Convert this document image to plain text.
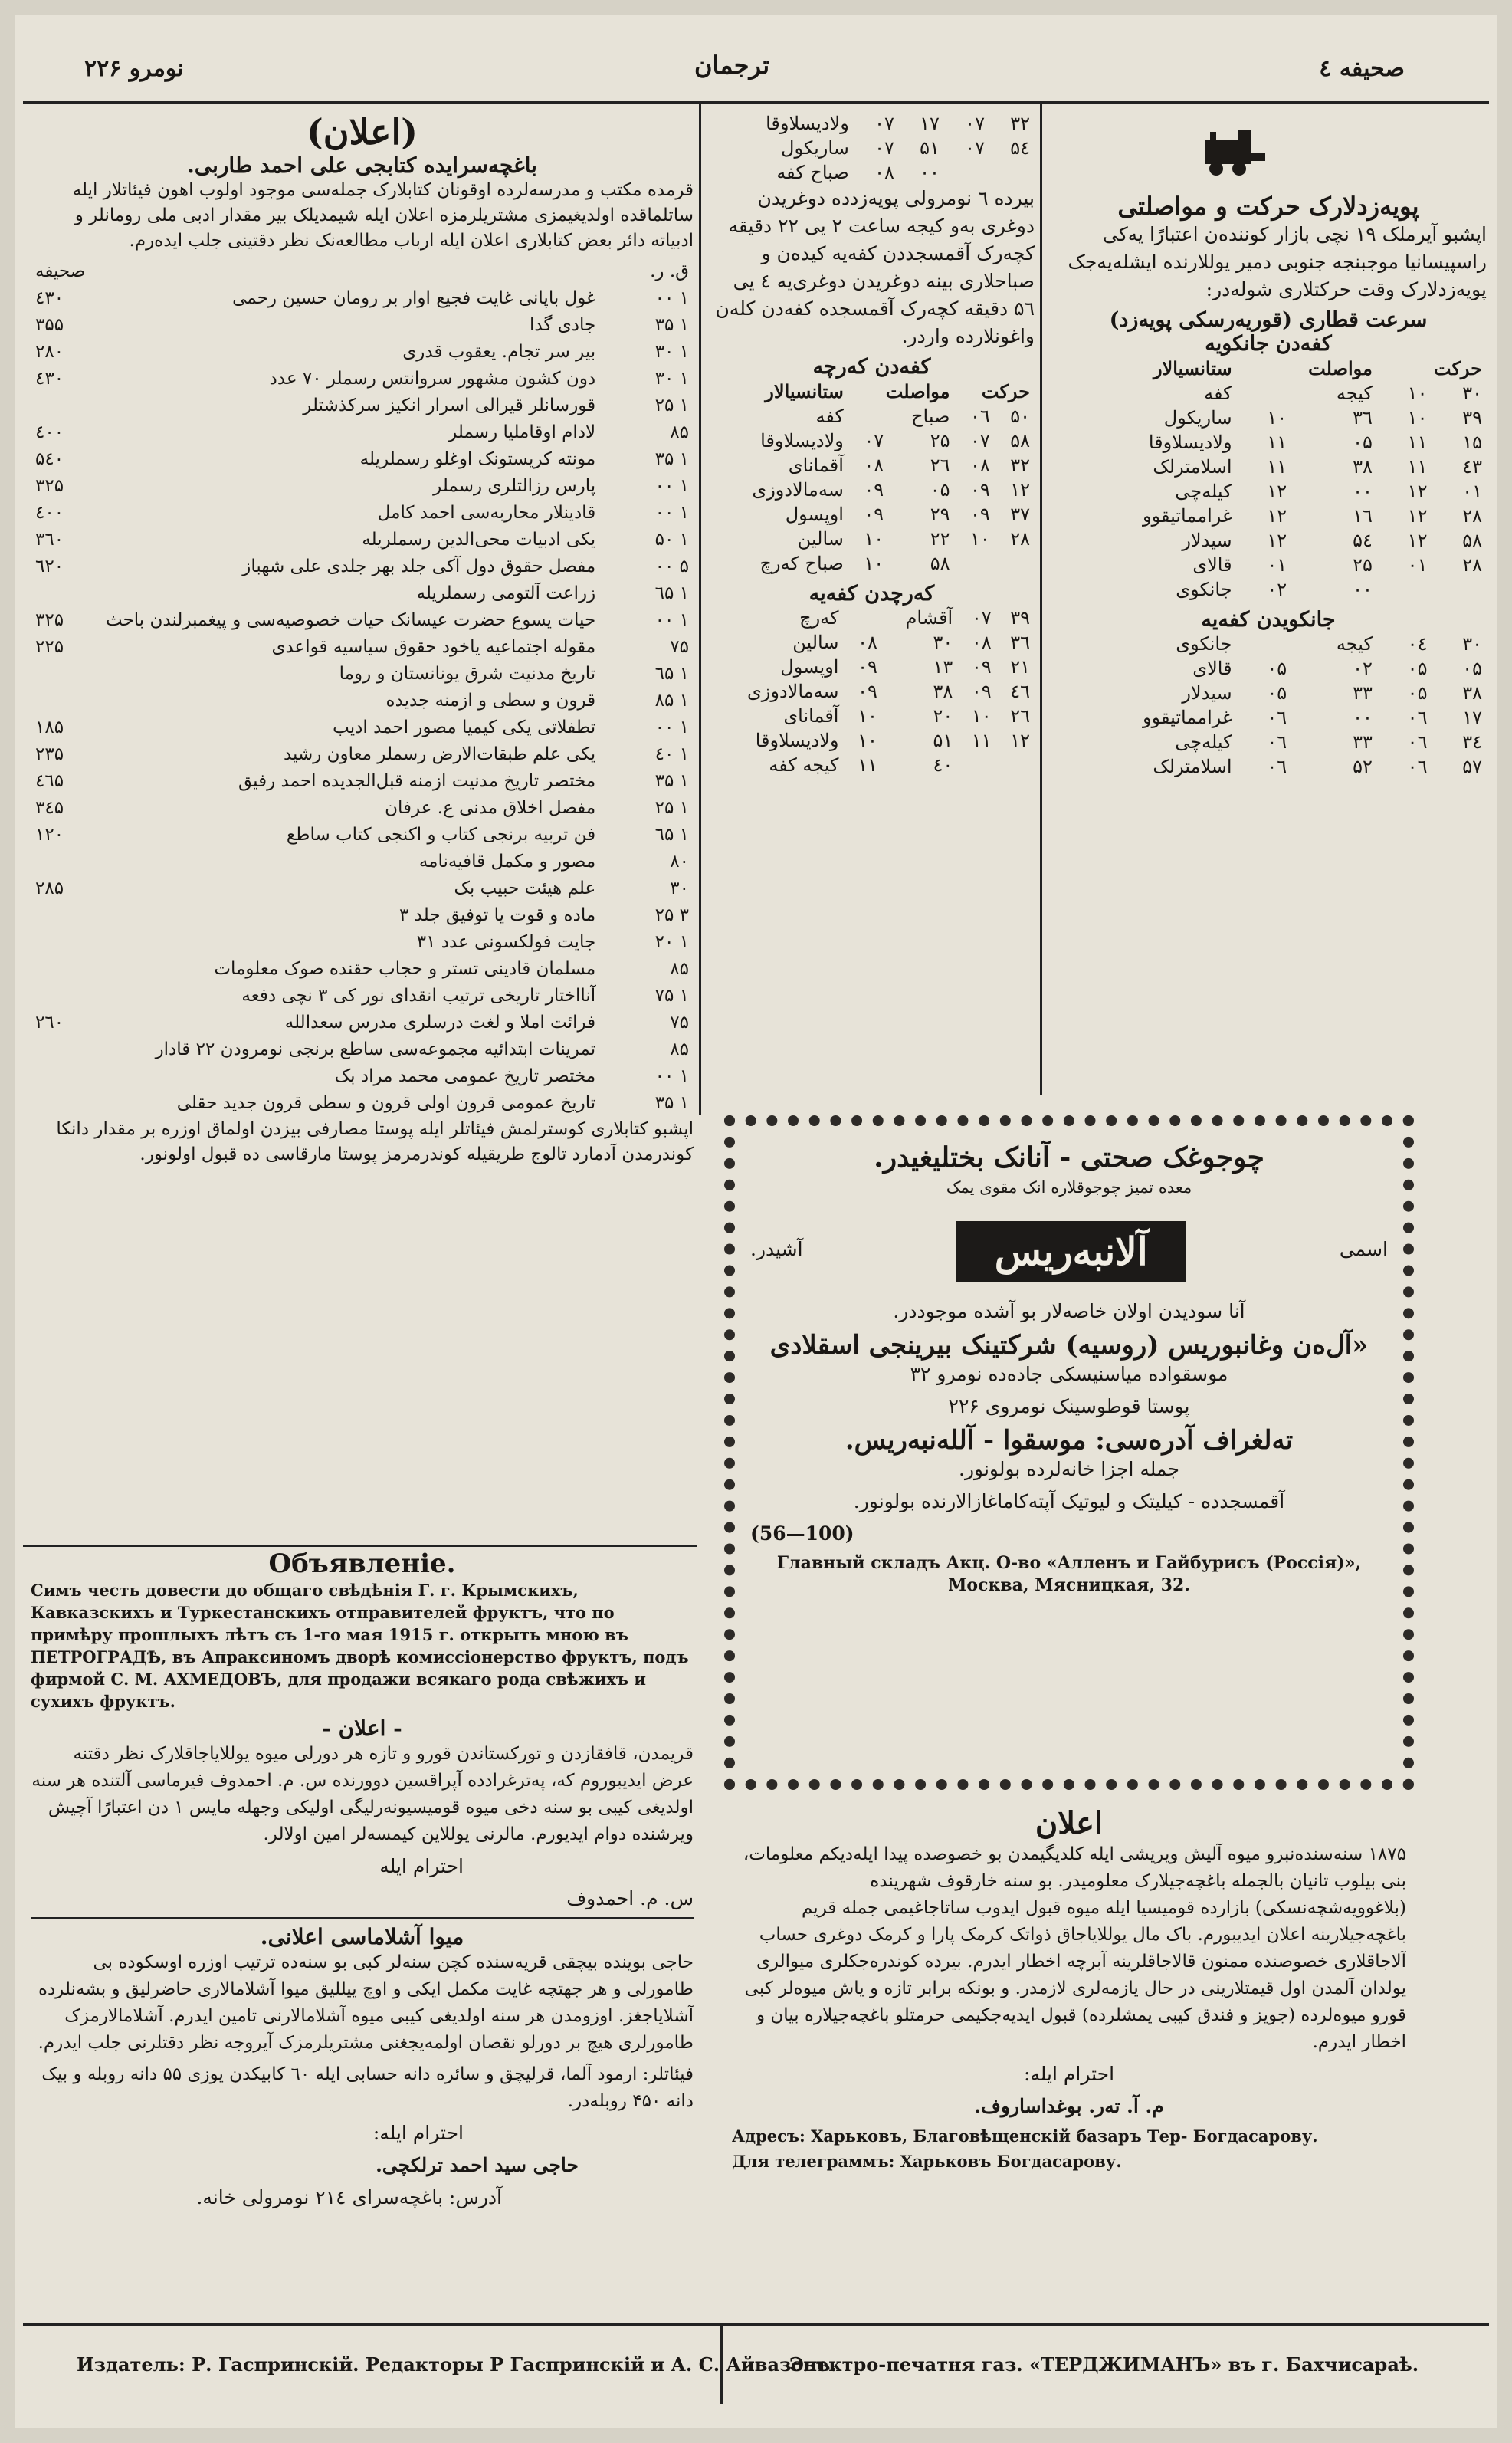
نومرو ۲۲۶	ترجمان	صحیفه ٤
پویەزدلارک حرکت و مواصلتی

اپشبو آیرملک ۱۹ نچی بازار کونندەن اعتبارًا یەکی راسپیسانیا موجبنجه جنوبی دمیر یوللارندە ایشلەیەجک پویەزدلارک وقت حرکتلاری شولەدر:

سرعت قطاری (قوریه‌رسکی پویه‌زد)
کفه‌دن جانکویه
حرکت		مواصلت		ستانسیالار
۳۰	۱۰	کیجه		کفه
۳۹	۱۰	۳٦	۱۰	ساریکول
۱۵	۱۱	۰۵	۱۱	ولادیسلاوقا
٤۳	۱۱	۳۸	۱۱	اسلامترلک
۰۱	۱۲	۰۰	۱۲	کیله‌چی
۲۸	۱۲	۱٦	۱۲	غرامماتیقوو
۵۸	۱۲	۵٤	۱۲	سیدلار
۲۸	۰۱	۲۵	۰۱	قالای
		۰۰	۰۲	جانکوی
جانکویدن کفه‌یه
۳۰	۰٤	کیجه		جانکوی
۰۵	۰۵	۰۲	۰۵	قالای
۳۸	۰۵	۳۳	۰۵	سیدلار
۱۷	۰٦	۰۰	۰٦	غرامماتیقوو
۳٤	۰٦	۳۳	۰٦	کیله‌چی
۵۷	۰٦	۵۲	۰٦	اسلامترلک
۳۲	۰۷	۱۷	۰۷	ولادیسلاوقا
۵٤	۰۷	۵۱	۰۷	ساریکول
		۰۰	۰۸	صباح کفه

بیرده ٦ نومرولی پویەزددە دوغریدن دوغری به‌و کیجه ساعت ۲ یی ۲۲ دقیقه کچەرک آقمسجددن کفه‌یه کیدەن و صباحلاری بینه دوغریدن دوغری‌یه ٤ یی ۵٦ دقیقه کچەرک آقمسجده کفه‌دن کله‌ن واغونلارده واردر.

کفه‌دن کەرچه
حرکت		مواصلت		ستانسیالار
۵۰	۰٦	صباح		کفه
۵۸	۰۷	۲۵	۰۷	ولادیسلاوقا
۳۲	۰۸	۲٦	۰۸	آقمانای
۱۲	۰۹	۰۵	۰۹	سەمالادوزی
۳۷	۰۹	۲۹	۰۹	اوپسول
۲۸	۱۰	۲۲	۱۰	سالین
		۵۸	۱۰	صباح کەرچ
کەرچدن کفه‌یه
۳۹	۰۷	آقشام		کەرچ
۳٦	۰۸	۳۰	۰۸	سالین
۲۱	۰۹	۱۳	۰۹	اوپسول
٤٦	۰۹	۳۸	۰۹	سەمالادوزی
۲٦	۱۰	۲۰	۱۰	آقمانای
۱۲	۱۱	۵۱	۱۰	ولادیسلاوقا
		٤۰	۱۱	کیجه کفه
(اعلان)
باغچەسرایدە کتابجی علی احمد طاربی.

قرمده مکتب و مدرسه‌لرده اوقونان کتابلارک جمله‌سی موجود اولوب اهون فیئاتلار ایله ساتلماقده اولدیغیمزی مشتریلرمزه اعلان ایله شیمدیلک بیر مقدار ادبی ملی رومانلر و ادبیاته دائر بعض کتابلاری اعلان ایله ارباب مطالعه‌نک نظر دقتینی جلب ایده‌رم.

ق. ر.		صحیفه
۱ ۰۰	غول باپانی غایت فجیع اوار بر رومان حسین رحمی	٤۳۰
۱ ۳۵	جادی گدا	۳۵۵
۱ ۳۰	بیر سر تجام. یعقوب قدری	۲۸۰
۱ ۳۰	دون کشون مشهور سروانتس رسملر ۷۰ عدد	٤۳۰
۱ ۲۵	قورسانلر قیرالی اسرار انکیز سرکذشتلر	
۸۵	لادام اوقاملیا رسملر	٤۰۰
۱ ۳۵	مونته کریستونک اوغلو رسملریله	۵٤۰
۱ ۰۰	پارس رزالتلری رسملر	۳۲۵
۱ ۰۰	قادینلار محاربەسی احمد کامل	٤۰۰
۱ ۵۰	یکی ادبیات محی‌الدین رسملریله	۳٦۰
۵ ۰۰	مفصل حقوق دول آکی جلد بهر جلدی علی شهباز	٦۲۰
۱ ٦۵	زراعت آلتومی رسملریله	
۱ ۰۰	حیات یسوع حضرت عیسانک حیات خصوصیه‌سی و پیغمبرلندن باحث	۳۲۵
۷۵	مقوله اجتماعیه یاخود حقوق سیاسیه قواعدی	۲۲۵
۱ ٦۵	تاریخ مدنیت شرق یونانستان و روما	
۱ ۸۵	قرون و سطی و ازمنه جدیده	
۱ ۰۰	تطفلاتی یکی کیمیا مصور احمد ادیب	۱۸۵
۱ ٤۰	یکی علم طبقات‌الارض رسملر معاون رشید	۲۳۵
۱ ۳۵	مختصر تاریخ مدنیت ازمنه قبل‌الجدیده احمد رفیق	٤٦۵
۱ ۲۵	مفصل اخلاق مدنی ع. عرفان	۳٤۵
۱ ٦۵	فن تربیه برنجی کتاب و اکنجی کتاب ساطع	۱۲۰
۸۰	مصور و مکمل قافیه‌نامه	
۳۰	علم هیئت حبیب بک	۲۸۵
۳ ۲۵	ماده و قوت یا توفیق جلد ۳	
۱ ۲۰	جایت فولکسونی عدد ۳۱	
۸۵	مسلمان قادینی تستر و حجاب حقنده صوک معلومات	
۱ ۷۵	آنااختار تاریخی ترتیب انقدای نور کی ۳ نچی دفعه	
۷۵	فرائت املا و لغت درسلری مدرس سعدالله	۲٦۰
۸۵	تمرینات ابتدائیه مجموعه‌سی ساطع برنجی نومرودن ۲۲ قادار	
۱ ۰۰	مختصر تاریخ عمومی محمد مراد بک	
۱ ۳۵	تاریخ عمومی قرون اولی قرون و سطی قرون جدید حقلی	

اپشبو کتابلاری کوسترلمش فیئاتلر ایله پوستا مصارفی بیزدن اولماق اوزره بر مقدار دانکا کوندرمدن آدمارد تالوج طریقیله کوندرمرمز پوستا مارقاسی ده قبول اولونور.

Объявленіе.

Симъ честь довести до общаго свѣдѣнія Г. г. Крымскихъ, Кавказскихъ и Туркестанскихъ отправителей фруктъ, что по примѣру прошлыхъ лѣтъ съ 1-го мая 1915 г. открыть мною въ ПЕТРОГРАДѢ, въ Апраксиномъ дворѣ комиссіонерство фруктъ, подъ фирмой С. М. АХМЕДОВЪ, для продажи всякаго рода свѣжихъ и сухихъ фруктъ.

- اعلان -

قریمدن، قافقازدن و تورکستاندن قورو و تازه هر دورلی میوه یوللایاجاقلارک نظر دقتنه عرض ایدیبوروم که، پەترغرادده آپراقسین دوورنده س. م. احمدوف فیرماسی آلتنده هر سنه اولدیغی کیبی بو سنه دخی میوه قومیسیونەرلیگی اولیکی وجهله مایس ۱ دن اعتبارًا آچیش ویرشنده دوام ایدیورم. مالرنی یوللاین کیمسه‌لر امین اولالر.

احترام ایله
س. م. احمدوف
میوا آشلاماسی اعلانی.

حاجی بوینده بیچقی قریه‌سنده کچن سنه‌لر کبی بو سنه‌ده ترتیب اوزره اوسکوده بی طامورلی و هر جهتچه غایت مکمل ایکی و اوچ ییللیق میوا آشلاما‌لاری حاضرلیق و بشەنلرده آشلایاجغز. اوزومدن هر سنه اولدیغی کیبی میوه آشلامالارنی تامین ایدرم. آشلامالارمزک طامورلری هیچ بر دورلو نقصان اولمه‌یجغنی مشتریلرمزک آیروجه نظر دقتلرنی جلب ایدرم.

فیئاتلر: ارمود آلما، قرلیچق و سائره دانه حسابی ایله ٦۰ کابیکدن یوزی ۵۵ دانه روبله و بیک دانه ۴۵۰ روبله‌در.

احترام ایله:
حاجی سید احمد ترلکچی.
آدرس: باغچه‌سرای ۲۱٤ نومرولی خانه.
چوجوغک صحتی - آنانک بختلیغیدر.
معده تمیز چوجوقلارە انک مقوی یمک
اسمی
آلانبەریس
آشیدر.
آنا سودیدن اولان خاصه‌لار بو آشده موجوددر.
«آل‌ه‌ن وغانبوریس (روسیه) شرکتینک بیرینجی اسقلادی
موسقواده میاسنیسکی جاده‌ده نومرو ۳۲
پوستا قوطوسینک نومرو‌ی ۲۲۶
تەلغراف آدرەسی: موسقوا - آللەنبەریس.
جمله اجزا خانه‌لرده بولونور.
آقمسجدده - کیلیتک و لیوتیک آپته‌کاماغازالارنده بولونور.
(56—100)
Главный складъ Акц. О-во «Алленъ и Гайбурисъ (Россія)», Москва, Мясницкая, 32.
اعلان

۱۸۷۵ سنه‌سندەنبرو میوه آلیش ویریشی ایله کلدیگیمدن بو خصوصده پیدا ایلەدیکم معلومات، بنی بیلوب تانیان بالجمله باغچه‌جیلارک معلومیدر. بو سنه خارقوف شهرینده (بلاغوویەشچەنسکی) بازارده قومیسیا ایله میوه قبول ایدوب ساتاجاغیمی جمله قریم باغچه‌جیلارینه اعلان ایدیبورم. باک مال یوللایاجاق ذواتک کرمک پارا و کرمک دوغری حساب آلاجاقلاری خصوصنده ممنون قالاجاقلرینه آبرچه اخطار ایدرم. بیرده کوندرەجکلری میوالری یولدان آلمدن اول قیمتلارینی در حال یازمه‌لری لازمدر. و بونکه برابر تازه و یاش میوه‌لر کبی قورو میوه‌لرده (جویز و فندق کیبی یمشلرده) قبول ایدیه‌جکیمی حرمتلو باغچه‌جیلاره بیان و اخطار ایدرم.

احترام ایله:
م. آ. تەر. بوغداساروف.
Адресъ: Харьковъ, Благовѣщенскій базаръ Тер- Богдасарову.
Для телеграммъ: Харьковъ Богдасарову.
Издатель: Р. Гаспринскій. Редакторы Р Гаспринскій и А. С. Айвазовъ.
Электро-печатня газ. «ТЕРДЖИМАНЪ» въ г. Бахчисараѣ.
